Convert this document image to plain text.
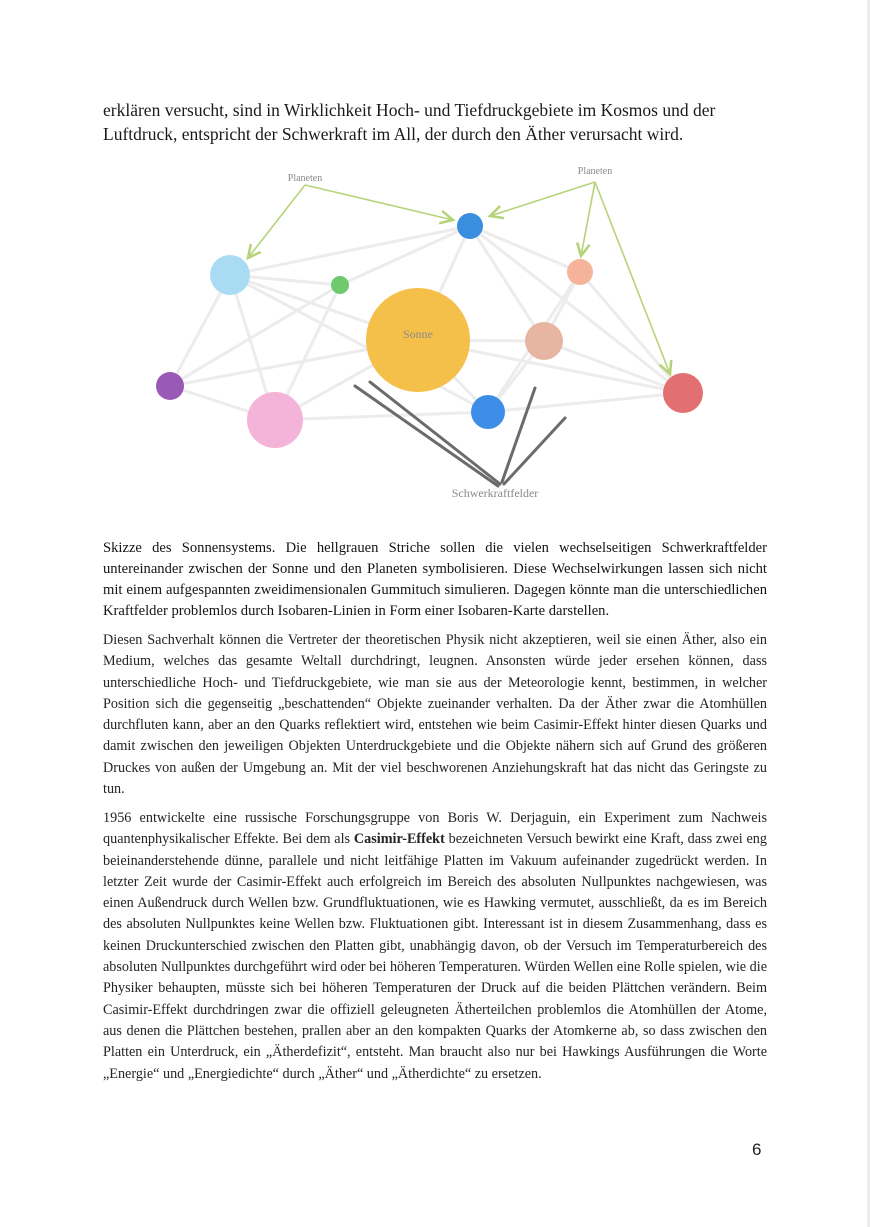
erklären versucht, sind in Wirklichkeit Hoch- und Tiefdruckgebiete im Kosmos und der Luftdruck, entspricht der Schwerkraft im All, der durch den Äther verursacht wird.

Sonne
Planeten
Planeten
Schwerkraftfelder

Skizze des Sonnensystems. Die hellgrauen Striche sollen die vielen wechselseitigen Schwerkraftfelder untereinander zwischen der Sonne und den Planeten symbolisieren. Diese Wechselwirkungen lassen sich nicht mit einem aufgespannten zweidimensionalen Gummituch simulieren. Dagegen könnte man die unterschiedlichen Kraftfelder problemlos durch Isobaren-Linien in Form einer Isobaren-Karte darstellen.

Diesen Sachverhalt können die Vertreter der theoretischen Physik nicht akzeptieren, weil sie einen Äther, also ein Medium, welches das gesamte Weltall durchdringt, leugnen. Ansonsten würde jeder ersehen können, dass unterschiedliche Hoch- und Tiefdruckgebiete, wie man sie aus der Meteorologie kennt, bestimmen, in welcher Position sich die gegenseitig „beschattenden“ Objekte zueinander verhalten. Da der Äther zwar die Atomhüllen durchfluten kann, aber an den Quarks reflektiert wird, entstehen wie beim Casimir-Effekt hinter diesen Quarks und damit zwischen den jeweiligen Objekten Unterdruckgebiete und die Objekte nähern sich auf Grund des größeren Druckes von außen der Umgebung an. Mit der viel beschworenen Anziehungskraft hat das nicht das Geringste zu tun.

1956 entwickelte eine russische Forschungsgruppe von Boris W. Derjaguin, ein Experiment zum Nachweis quantenphysikalischer Effekte. Bei dem als Casimir-Effekt bezeichneten Versuch bewirkt eine Kraft, dass zwei eng beieinanderstehende dünne, parallele und nicht leitfähige Platten im Vakuum aufeinander zugedrückt werden. In letzter Zeit wurde der Casimir-Effekt auch erfolgreich im Bereich des absoluten Nullpunktes nachgewiesen, was einen Außendruck durch Wellen bzw. Grundfluktuationen, wie es Hawking vermutet, ausschließt, da es im Bereich des absoluten Nullpunktes keine Wellen bzw. Fluktuationen gibt. Interessant ist in diesem Zusammenhang, dass es keinen Druckunterschied zwischen den Platten gibt, unabhängig davon, ob der Versuch im Temperaturbereich des absoluten Nullpunktes durchgeführt wird oder bei höheren Temperaturen. Würden Wellen eine Rolle spielen, wie die Physiker behaupten, müsste sich bei höheren Temperaturen der Druck auf die beiden Plättchen verändern. Beim Casimir-Effekt durchdringen zwar die offiziell geleugneten Ätherteilchen problemlos die Atomhüllen der Atome, aus denen die Plättchen bestehen, prallen aber an den kompakten Quarks der Atomkerne ab, so dass zwischen den Platten ein Unterdruck, ein „Ätherdefizit“, entsteht. Man braucht also nur bei Hawkings Ausführungen die Worte „Energie“ und „Energiedichte“ durch „Äther“ und „Ätherdichte“ zu ersetzen.

6
